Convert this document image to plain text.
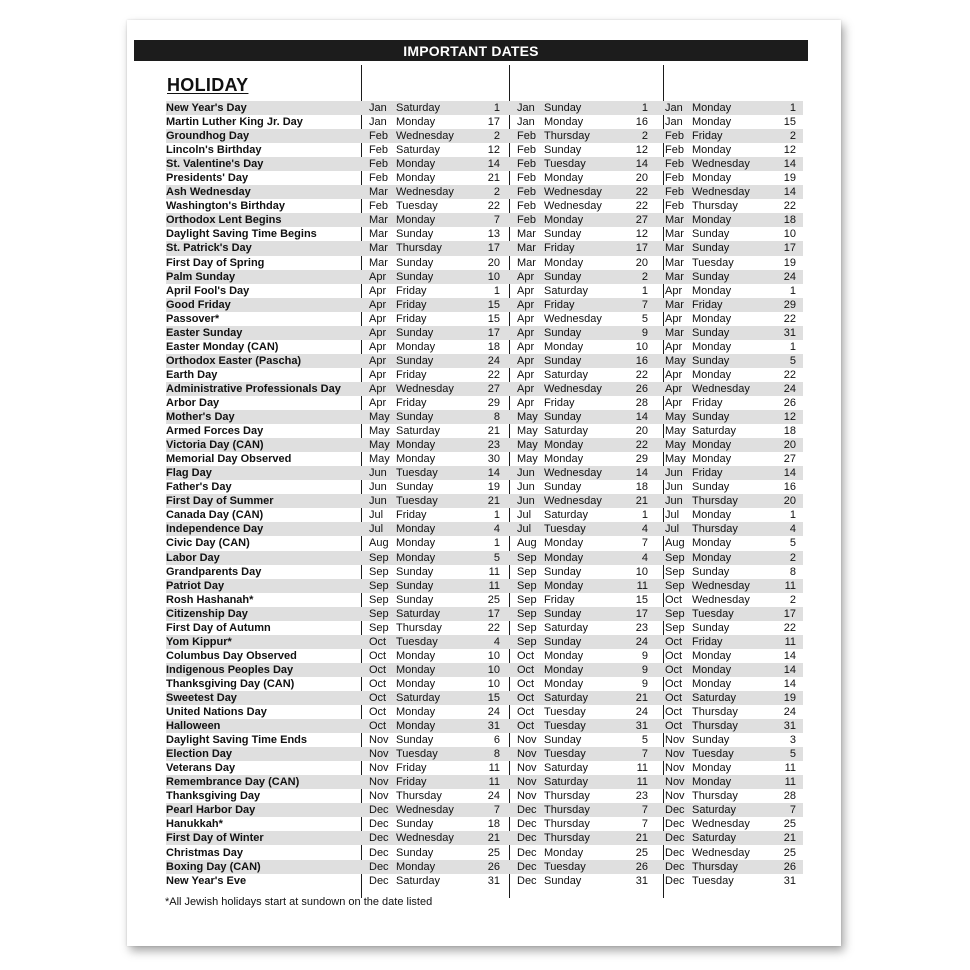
IMPORTANT DATES
HOLIDAY
New Year's Day	Jan Saturday	1	Jan Sunday	1	Jan Monday	1
Martin Luther King Jr. Day	Jan Monday	17	Jan Monday	16	Jan Monday	15
Groundhog Day	Feb Wednesday	2	Feb Thursday	2	Feb Friday	2
Lincoln's Birthday	Feb Saturday	12	Feb Sunday	12	Feb Monday	12
St. Valentine's Day	Feb Monday	14	Feb Tuesday	14	Feb Wednesday	14
Presidents' Day	Feb Monday	21	Feb Monday	20	Feb Monday	19
Ash Wednesday	Mar Wednesday	2	Feb Wednesday	22	Feb Wednesday	14
Washington's Birthday	Feb Tuesday	22	Feb Wednesday	22	Feb Thursday	22
Orthodox Lent Begins	Mar Monday	7	Feb Monday	27	Mar Monday	18
Daylight Saving Time Begins	Mar Sunday	13	Mar Sunday	12	Mar Sunday	10
St. Patrick's Day	Mar Thursday	17	Mar Friday	17	Mar Sunday	17
First Day of Spring	Mar Sunday	20	Mar Monday	20	Mar Tuesday	19
Palm Sunday	Apr Sunday	10	Apr Sunday	2	Mar Sunday	24
April Fool's Day	Apr Friday	1	Apr Saturday	1	Apr Monday	1
Good Friday	Apr Friday	15	Apr Friday	7	Mar Friday	29
Passover*	Apr Friday	15	Apr Wednesday	5	Apr Monday	22
Easter Sunday	Apr Sunday	17	Apr Sunday	9	Mar Sunday	31
Easter Monday (CAN)	Apr Monday	18	Apr Monday	10	Apr Monday	1
Orthodox Easter (Pascha)	Apr Sunday	24	Apr Sunday	16	May Sunday	5
Earth Day	Apr Friday	22	Apr Saturday	22	Apr Monday	22
Administrative Professionals Day	Apr Wednesday	27	Apr Wednesday	26	Apr Wednesday	24
Arbor Day	Apr Friday	29	Apr Friday	28	Apr Friday	26
Mother's Day	May Sunday	8	May Sunday	14	May Sunday	12
Armed Forces Day	May Saturday	21	May Saturday	20	May Saturday	18
Victoria Day (CAN)	May Monday	23	May Monday	22	May Monday	20
Memorial Day Observed	May Monday	30	May Monday	29	May Monday	27
Flag Day	Jun Tuesday	14	Jun Wednesday	14	Jun Friday	14
Father's Day	Jun Sunday	19	Jun Sunday	18	Jun Sunday	16
First Day of Summer	Jun Tuesday	21	Jun Wednesday	21	Jun Thursday	20
Canada Day (CAN)	Jul	Friday	1	Jul	Saturday	1	Jul	Monday	1
Independence Day	Jul	Monday	4	Jul	Tuesday	4	Jul	Thursday	4
Civic Day (CAN)	Aug Monday	1	Aug Monday	7	Aug Monday	5
Labor Day	Sep Monday	5	Sep Monday	4	Sep Monday	2
Grandparents Day	Sep Sunday	11	Sep Sunday	10	Sep Sunday	8
Patriot Day	Sep Sunday	11	Sep Monday	11	Sep Wednesday	11
Rosh Hashanah*	Sep Sunday	25	Sep Friday	15	Oct Wednesday	2
Citizenship Day	Sep Saturday	17	Sep Sunday	17	Sep Tuesday	17
First Day of Autumn	Sep Thursday	22	Sep Saturday	23	Sep Sunday	22
Yom Kippur*	Oct Tuesday	4	Sep Sunday	24	Oct Friday	11
Columbus Day Observed	Oct Monday	10	Oct Monday	9	Oct Monday	14
Indigenous Peoples Day	Oct Monday	10	Oct Monday	9	Oct Monday	14
Thanksgiving Day (CAN)	Oct Monday	10	Oct Monday	9	Oct Monday	14
Sweetest Day	Oct Saturday	15	Oct Saturday	21	Oct Saturday	19
United Nations Day	Oct Monday	24	Oct Tuesday	24	Oct Thursday	24
Halloween	Oct Monday	31	Oct Tuesday	31	Oct Thursday	31
Daylight Saving Time Ends	Nov Sunday	6	Nov Sunday	5	Nov Sunday	3
Election Day	Nov Tuesday	8	Nov Tuesday	7	Nov Tuesday	5
Veterans Day	Nov Friday	11	Nov Saturday	11	Nov Monday	11
Remembrance Day (CAN)	Nov Friday	11	Nov Saturday	11	Nov Monday	11
Thanksgiving Day	Nov Thursday	24	Nov Thursday	23	Nov Thursday	28
Pearl Harbor Day	Dec Wednesday	7	Dec Thursday	7	Dec Saturday	7
Hanukkah*	Dec Sunday	18	Dec Thursday	7	Dec Wednesday	25
First Day of Winter	Dec Wednesday	21	Dec Thursday	21	Dec Saturday	21
Christmas Day	Dec Sunday	25	Dec Monday	25	Dec Wednesday	25
Boxing Day (CAN)	Dec Monday	26	Dec Tuesday	26	Dec Thursday	26
New Year's Eve	Dec Saturday	31	Dec Sunday	31	Dec Tuesday	31
*All Jewish holidays start at sundown on the date listed
